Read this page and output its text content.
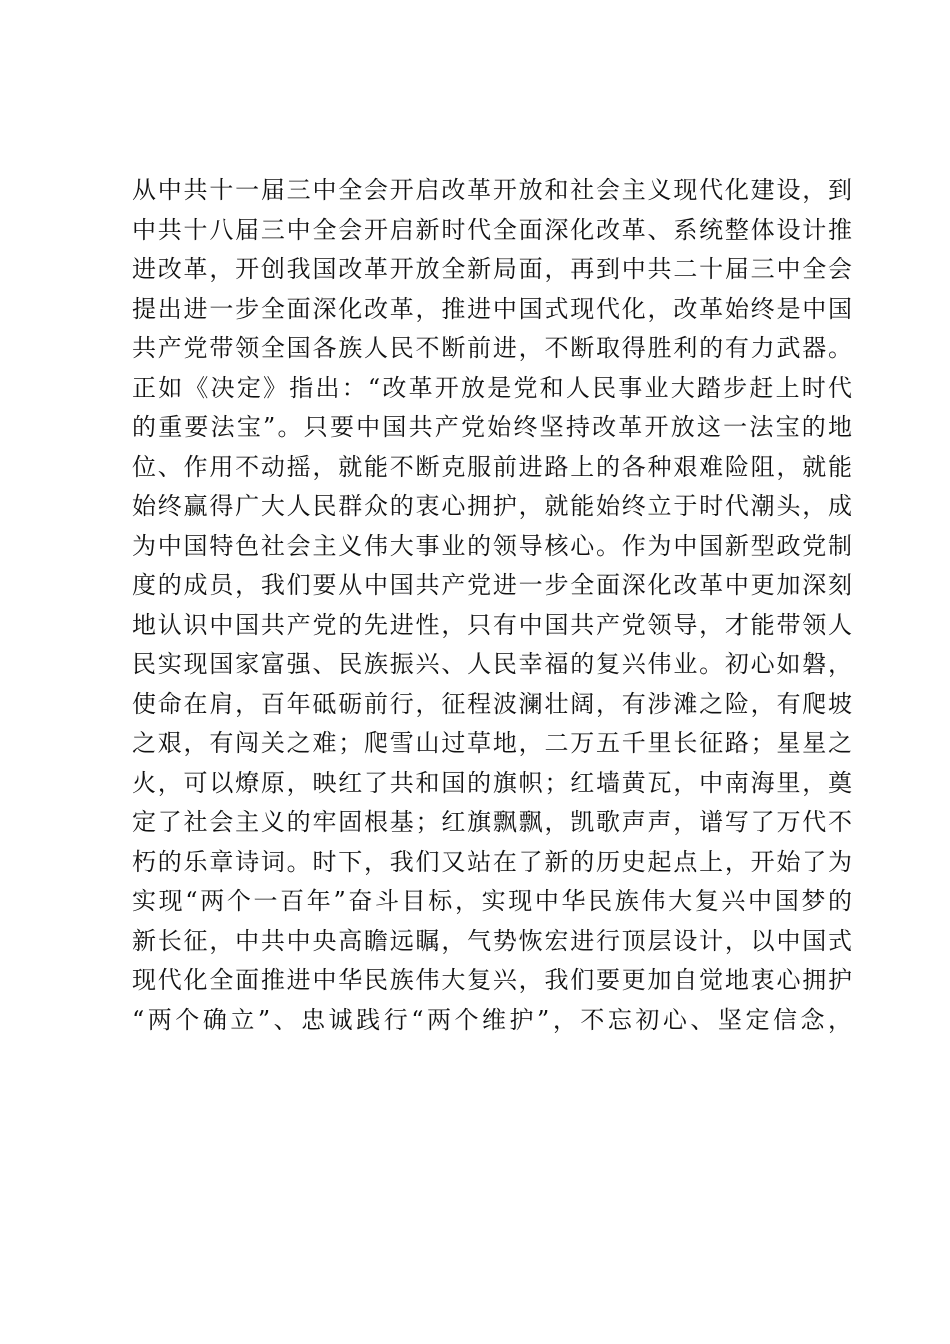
从中共十一届三中全会开启改革开放和社会主义现代化建设，到
中共十八届三中全会开启新时代全面深化改革、系统整体设计推
进改革，开创我国改革开放全新局面，再到中共二十届三中全会
提出进一步全面深化改革，推进中国式现代化，改革始终是中国
共产党带领全国各族人民不断前进，不断取得胜利的有力武器。
正如《决定》指出：“改革开放是党和人民事业大踏步赶上时代
的重要法宝”。只要中国共产党始终坚持改革开放这一法宝的地
位、作用不动摇，就能不断克服前进路上的各种艰难险阻，就能
始终赢得广大人民群众的衷心拥护，就能始终立于时代潮头，成
为中国特色社会主义伟大事业的领导核心。作为中国新型政党制
度的成员，我们要从中国共产党进一步全面深化改革中更加深刻
地认识中国共产党的先进性，只有中国共产党领导，才能带领人
民实现国家富强、民族振兴、人民幸福的复兴伟业。初心如磐，
使命在肩，百年砥砺前行，征程波澜壮阔，有涉滩之险，有爬坡
之艰，有闯关之难；爬雪山过草地，二万五千里长征路；星星之
火，可以燎原，映红了共和国的旗帜；红墙黄瓦，中南海里，奠
定了社会主义的牢固根基；红旗飘飘，凯歌声声，谱写了万代不
朽的乐章诗词。时下，我们又站在了新的历史起点上，开始了为
实现“两个一百年”奋斗目标，实现中华民族伟大复兴中国梦的
新长征，中共中央高瞻远瞩，气势恢宏进行顶层设计，以中国式
现代化全面推进中华民族伟大复兴，我们要更加自觉地衷心拥护
“两个确立”、忠诚践行“两个维护”，不忘初心、坚定信念，
